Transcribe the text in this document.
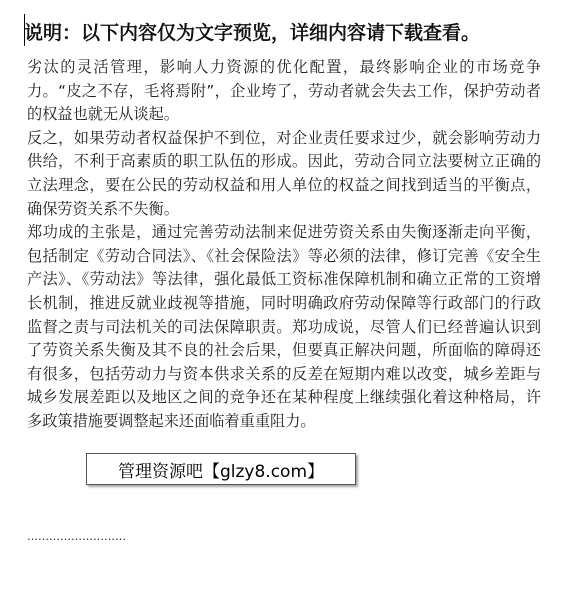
说明：以下内容仅为文字预览，详细内容请下载查看。

劣汰的灵活管理，影响人力资源的优化配置，最终影响企业的市场竞争力。“皮之不存，毛将焉附”，企业垮了，劳动者就会失去工作，保护劳动者的权益也就无从谈起。

反之，如果劳动者权益保护不到位，对企业责任要求过少，就会影响劳动力供给，不利于高素质的职工队伍的形成。因此，劳动合同立法要树立正确的立法理念，要在公民的劳动权益和用人单位的权益之间找到适当的平衡点，确保劳资关系不失衡。

郑功成的主张是，通过完善劳动法制来促进劳资关系由失衡逐渐走向平衡，包括制定《劳动合同法》、《社会保险法》等必须的法律，修订完善《安全生产法》、《劳动法》等法律，强化最低工资标准保障机制和确立正常的工资增长机制，推进反就业歧视等措施，同时明确政府劳动保障等行政部门的行政监督之责与司法机关的司法保障职责。郑功成说，尽管人们已经普遍认识到了劳资关系失衡及其不良的社会后果，但要真正解决问题，所面临的障碍还有很多，包括劳动力与资本供求关系的反差在短期内难以改变，城乡差距与城乡发展差距以及地区之间的竞争还在某种程度上继续强化着这种格局，许多政策措施要调整起来还面临着重重阻力。

管理资源吧【glzy8.com】
………………………
